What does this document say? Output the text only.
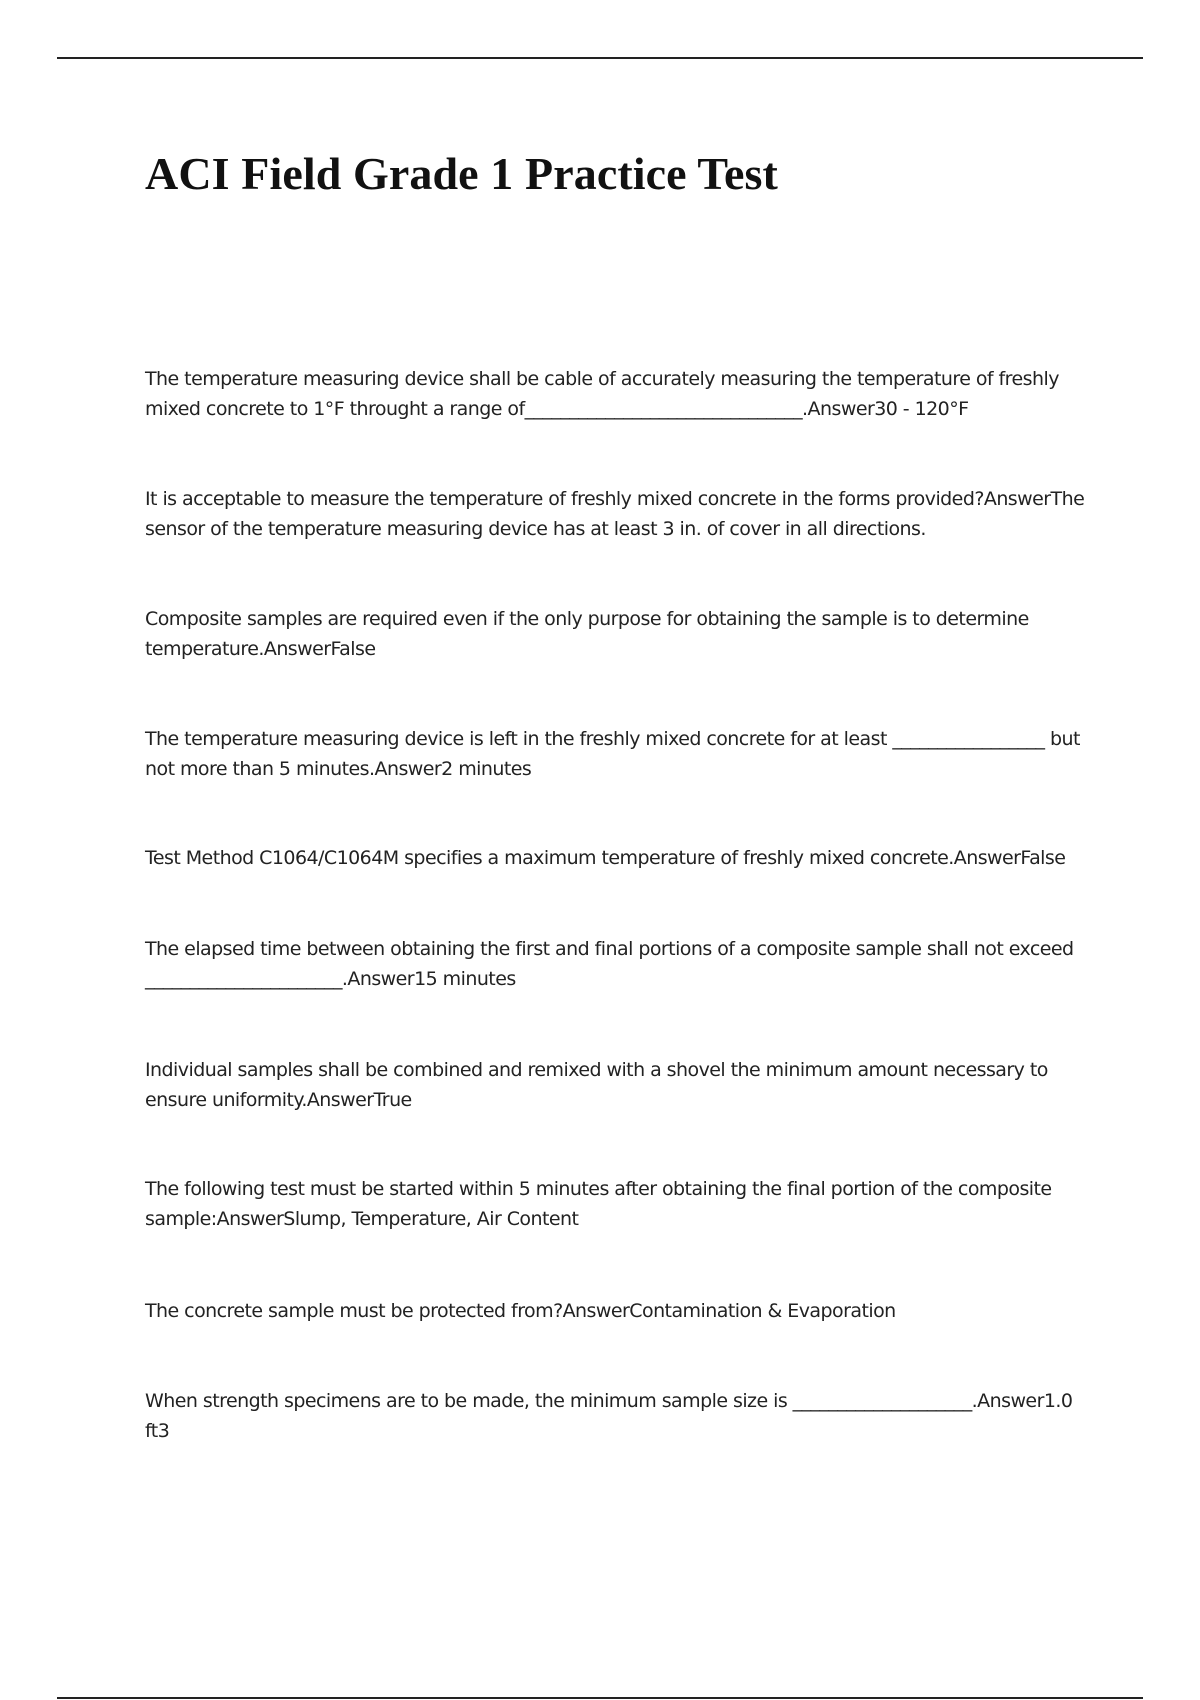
ACI Field Grade 1 Practice Test

The temperature measuring device shall be cable of accurately measuring the temperature of freshly mixed concrete to 1°F throught a range of_______________________________.Answer30 - 120°F

It is acceptable to measure the temperature of freshly mixed concrete in the forms provided?AnswerThe sensor of the temperature measuring device has at least 3 in. of cover in all directions.

Composite samples are required even if the only purpose for obtaining the sample is to determine temperature.AnswerFalse

The temperature measuring device is left in the freshly mixed concrete for at least _________________ but not more than 5 minutes.Answer2 minutes

Test Method C1064/C1064M specifies a maximum temperature of freshly mixed concrete.AnswerFalse

The elapsed time between obtaining the first and final portions of a composite sample shall not exceed ______________________.Answer15 minutes

Individual samples shall be combined and remixed with a shovel the minimum amount necessary to ensure uniformity.AnswerTrue

The following test must be started within 5 minutes after obtaining the final portion of the composite sample:AnswerSlump, Temperature, Air Content

The concrete sample must be protected from?AnswerContamination & Evaporation

When strength specimens are to be made, the minimum sample size is ____________________.Answer1.0 ft3
